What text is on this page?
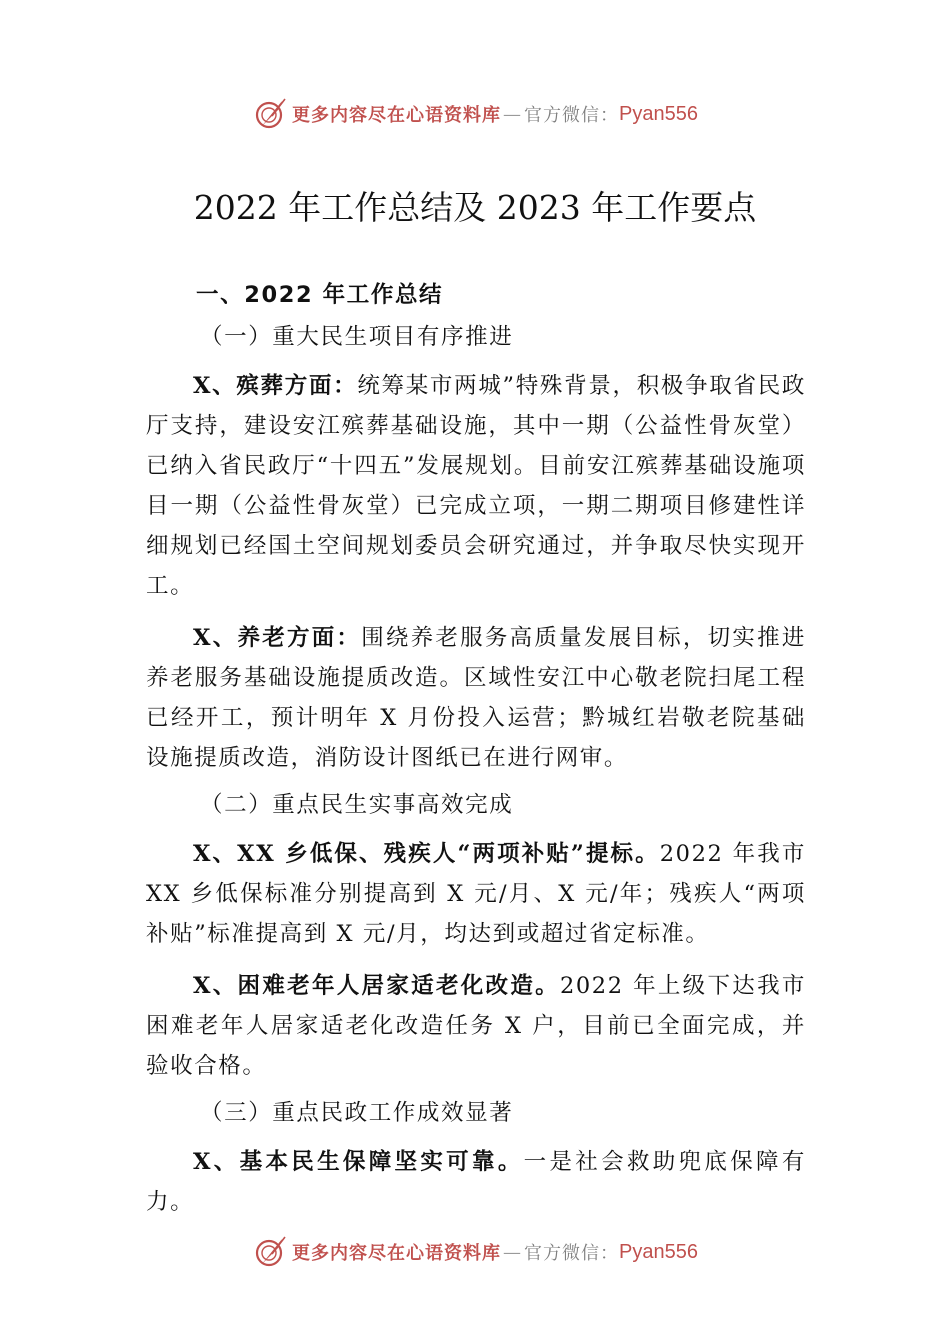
更多内容尽在心语资料库 — 官方微信： Pyan556
2022 年工作总结及 2023 年工作要点

一、2022 年工作总结

（一）重大民生项目有序推进

X、殡葬方面：统筹某市两城”特殊背景，积极争取省民政厅支持，建设安江殡葬基础设施，其中一期（公益性骨灰堂）已纳入省民政厅“十四五”发展规划。目前安江殡葬基础设施项目一期（公益性骨灰堂）已完成立项，一期二期项目修建性详细规划已经国土空间规划委员会研究通过，并争取尽快实现开工。

X、养老方面：围绕养老服务高质量发展目标，切实推进养老服务基础设施提质改造。区域性安江中心敬老院扫尾工程已经开工，预计明年 X 月份投入运营；黔城红岩敬老院基础设施提质改造，消防设计图纸已在进行网审。

（二）重点民生实事高效完成

X、XX 乡低保、残疾人“两项补贴”提标。2022 年我市 XX 乡低保标准分别提高到 X 元/月、X 元/年；残疾人“两项补贴”标准提高到 X 元/月，均达到或超过省定标准。

X、困难老年人居家适老化改造。2022 年上级下达我市困难老年人居家适老化改造任务 X 户，目前已全面完成，并验收合格。

（三）重点民政工作成效显著

X、基本民生保障坚实可靠。一是社会救助兜底保障有力。

更多内容尽在心语资料库 — 官方微信： Pyan556
